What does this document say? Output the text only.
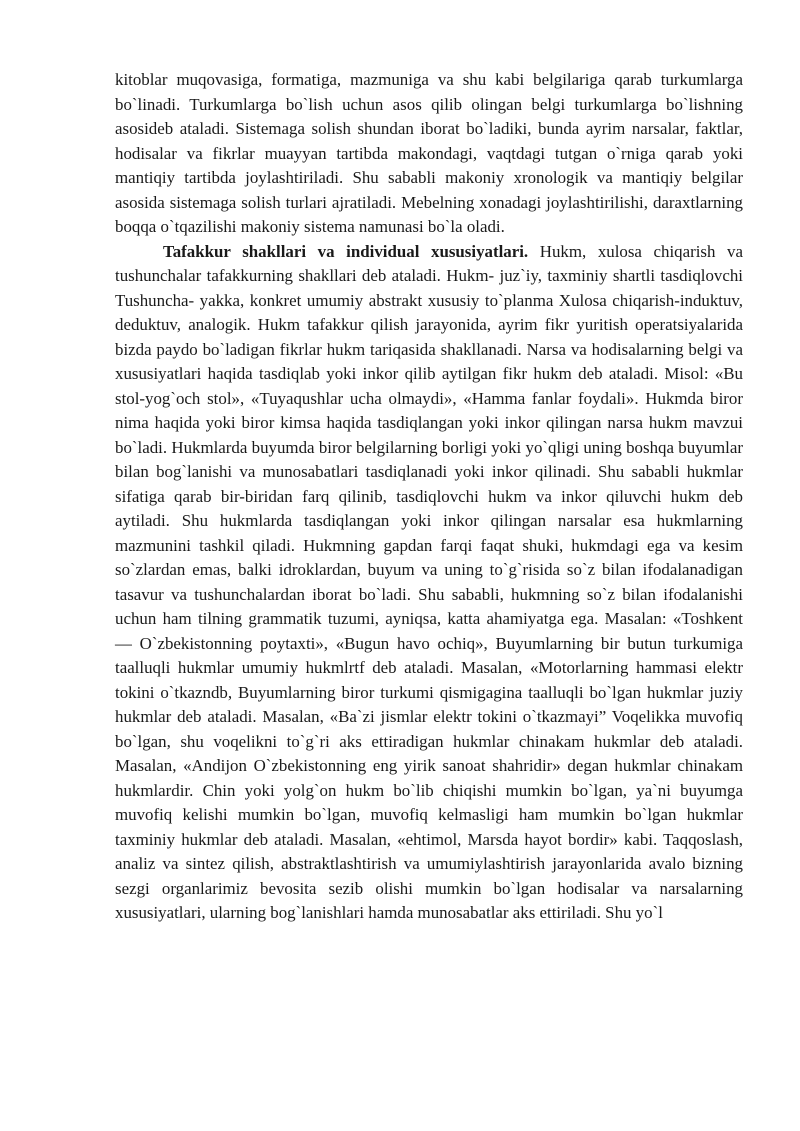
kitoblar muqovasiga, formatiga, mazmuniga va shu kabi belgilariga qarab turkumlarga bo`linadi. Turkumlarga bo`lish uchun asos qilib olingan belgi turkumlarga bo`lishning asosideb ataladi. Sistemaga solish shundan iborat bo`ladiki, bunda ayrim narsalar, faktlar, hodisalar va fikrlar muayyan tartibda makondagi, vaqtdagi tutgan o`rniga qarab yoki mantiqiy tartibda joylashtiriladi. Shu sababli makoniy xronologik va mantiqiy belgilar asosida sistemaga solish turlari ajratiladi. Mebelning xonadagi joylashtirilishi, daraxtlarning boqqa o`tqazilishi makoniy sistema namunasi bo`la oladi.

Tafakkur shakllari va individual xususiyatlari. Hukm, xulosa chiqarish va tushunchalar tafakkurning shakllari deb ataladi. Hukm- juz`iy, taxminiy shartli tasdiqlovchi Tushuncha- yakka, konkret umumiy abstrakt xususiy to`planma Xulosa chiqarish-induktuv, deduktuv, analogik. Hukm tafakkur qilish jarayonida, ayrim fikr yuritish operatsiyalarida bizda paydo bo`ladigan fikrlar hukm tariqasida shakllanadi. Narsa va hodisalarning belgi va xususiyatlari haqida tasdiqlab yoki inkor qilib aytilgan fikr hukm deb ataladi. Misol: «Bu stol-yog`och stol», «Tuyaqushlar ucha olmaydi», «Hamma fanlar foydali». Hukmda biror nima haqida yoki biror kimsa haqida tasdiqlangan yoki inkor qilingan narsa hukm mavzui bo`ladi. Hukmlarda buyumda biror belgilarning borligi yoki yo`qligi uning boshqa buyumlar bilan bog`lanishi va munosabatlari tasdiqlanadi yoki inkor qilinadi. Shu sababli hukmlar sifatiga qarab bir-biridan farq qilinib, tasdiqlovchi hukm va inkor qiluvchi hukm deb aytiladi. Shu hukmlarda tasdiqlangan yoki inkor qilingan narsalar esa hukmlarning mazmunini tashkil qiladi. Hukmning gapdan farqi faqat shuki, hukmdagi ega va kesim so`zlardan emas, balki idroklardan, buyum va uning to`g`risida so`z bilan ifodalanadigan tasavur va tushunchalardan iborat bo`ladi. Shu sababli, hukmning so`z bilan ifodalanishi uchun ham tilning grammatik tuzumi, ayniqsa, katta ahamiyatga ega. Masalan: «Toshkent — O`zbekistonning poytaxti», «Bugun havo ochiq», Buyumlarning bir butun turkumiga taalluqli hukmlar umumiy hukmlrtf deb ataladi. Masalan, «Motorlarning hammasi elektr tokini o`tkazndb, Buyumlarning biror turkumi qismigagina taalluqli bo`lgan hukmlar juziy hukmlar deb ataladi. Masalan, «Ba`zi jismlar elektr tokini o`tkazmayi” Voqelikka muvofiq bo`lgan, shu voqelikni to`g`ri aks ettiradigan hukmlar chinakam hukmlar deb ataladi. Masalan, «Andijon O`zbekistonning eng yirik sanoat shahridir» degan hukmlar chinakam hukmlardir. Chin yoki yolg`on hukm bo`lib chiqishi mumkin bo`lgan, ya`ni buyumga muvofiq kelishi mumkin bo`lgan, muvofiq kelmasligi ham mumkin bo`lgan hukmlar taxminiy hukmlar deb ataladi. Masalan, «ehtimol, Marsda hayot bordir» kabi. Taqqoslash, analiz va sintez qilish, abstraktlashtirish va umumiylashtirish jarayonlarida avalo bizning sezgi organlarimiz bevosita sezib olishi mumkin bo`lgan hodisalar va narsalarning xususiyatlari, ularning bog`lanishlari hamda munosabatlar aks ettiriladi. Shu yo`l
